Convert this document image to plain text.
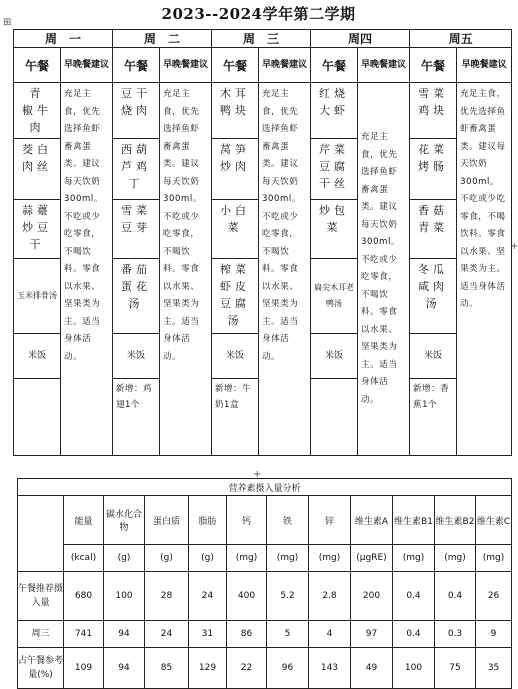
2023--2024学年第二学期
⊞
+
+
周　一		周　二		周　三		周四		周五	
午餐	早晚餐建议	午餐	早晚餐建议	午餐	早晚餐建议	午餐	早晚餐建议	午餐	早晚餐建议
青　椒牛肉	充足主食，优先选择鱼虾畜禽蛋类。建议每天饮奶300ml。不吃或少吃零食，不喝饮料。零食以水果、坚果类为主。适当身体活动。	豆干烧肉	充足主食，优先选择鱼虾畜禽蛋类。建议每天饮奶300ml。不吃或少吃零食，不喝饮料。零食以水果、坚果类为主。适当身体活动。	木耳鸭块	充足主食，优先选择鱼虾畜禽蛋类。建议每天饮奶300ml。不吃或少吃零食，不喝饮料。零食以水果、坚果类为主。适当身体活动。	红烧大虾	充足主食，优先选择鱼虾畜禽蛋类。建议每天饮奶300ml。不吃或少吃零食，不喝饮料。零食以水果、坚果类为主。适当身体活动。	雪菜鸡块	充足主食，优先选择鱼虾畜禽蛋类。建议每天饮奶300ml。不吃或少吃零食，不喝饮料。零食以水果、坚果类为主。适当身体活动。
茭白肉丝		西葫芦鸡丁		莴笋炒肉		芹菜豆腐干丝		花菜烤肠	
蒜薹炒豆干		雪菜豆芽		小白菜		炒包菜		香菇青菜	
玉米排骨汤		番茄蛋花汤		榨菜虾皮豆腐汤		扁尖木耳老鸭汤		冬瓜咸肉汤	
米饭		米饭		米饭		米饭		米饭	
		新增：鸡翅1个		新增：牛奶1盒				新增：香蕉1个	
营养素摄入量分析											
	能量	碳水化合物	蛋白质	脂肪	钙	铁	锌	维生素A	维生素B1	维生素B2	维生素C
	(kcal)	(g)	(g)	(g)	(mg)	(mg)	(mg)	(μgRE)	(mg)	(mg)	(mg)
午餐推荐摄入量	680	100	28	24	400	5.2	2.8	200	0.4	0.4	26
周三	741	94	24	31	86	5	4	97	0.4	0.3	9
占午餐参考量(%)	109	94	85	129	22	96	143	49	100	75	35
